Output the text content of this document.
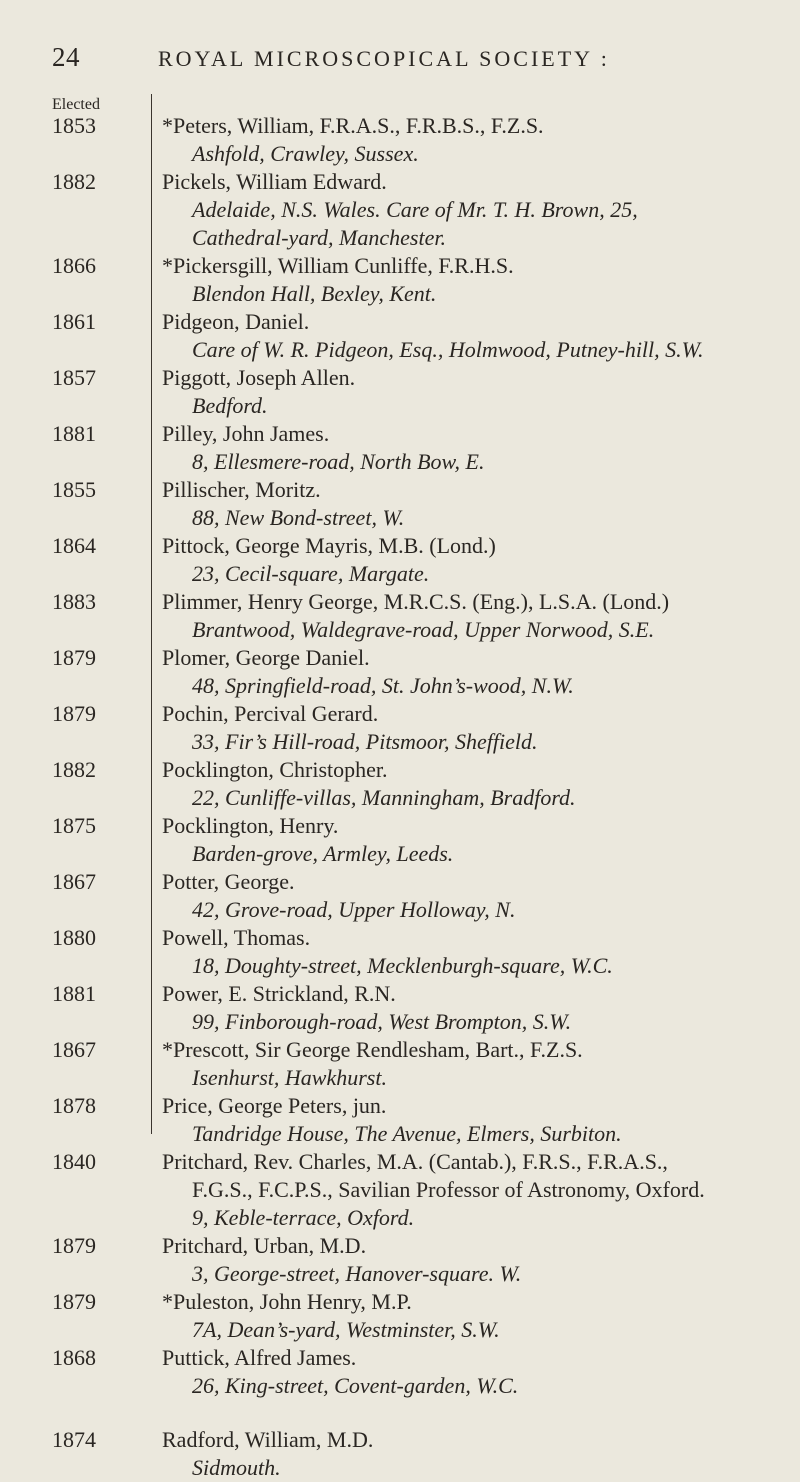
24	ROYAL MICROSCOPICAL SOCIETY :
Elected
1853	*Peters, William, F.R.A.S., F.R.B.S., F.Z.S.
Ashfold, Crawley, Sussex.
1882	Pickels, William Edward.
Adelaide, N.S. Wales. Care of Mr. T. H. Brown, 25,
Cathedral-yard, Manchester.
1866	*Pickersgill, William Cunliffe, F.R.H.S.
Blendon Hall, Bexley, Kent.
1861	Pidgeon, Daniel.
Care of W. R. Pidgeon, Esq., Holmwood, Putney-hill, S.W.
1857	Piggott, Joseph Allen.
Bedford.
1881	Pilley, John James.
8, Ellesmere-road, North Bow, E.
1855	Pillischer, Moritz.
88, New Bond-street, W.
1864	Pittock, George Mayris, M.B. (Lond.)
23, Cecil-square, Margate.
1883	Plimmer, Henry George, M.R.C.S. (Eng.), L.S.A. (Lond.)
Brantwood, Waldegrave-road, Upper Norwood, S.E.
1879	Plomer, George Daniel.
48, Springfield-road, St. John’s-wood, N.W.
1879	Pochin, Percival Gerard.
33, Fir’s Hill-road, Pitsmoor, Sheffield.
1882	Pocklington, Christopher.
22, Cunliffe-villas, Manningham, Bradford.
1875	Pocklington, Henry.
Barden-grove, Armley, Leeds.
1867	Potter, George.
42, Grove-road, Upper Holloway, N.
1880	Powell, Thomas.
18, Doughty-street, Mecklenburgh-square, W.C.
1881	Power, E. Strickland, R.N.
99, Finborough-road, West Brompton, S.W.
1867	*Prescott, Sir George Rendlesham, Bart., F.Z.S.
Isenhurst, Hawkhurst.
1878	Price, George Peters, jun.
Tandridge House, The Avenue, Elmers, Surbiton.
1840	Pritchard, Rev. Charles, M.A. (Cantab.), F.R.S., F.R.A.S.,
F.G.S., F.C.P.S., Savilian Professor of Astronomy, Oxford.
9, Keble-terrace, Oxford.
1879	Pritchard, Urban, M.D.
3, George-street, Hanover-square. W.
1879	*Puleston, John Henry, M.P.
7A, Dean’s-yard, Westminster, S.W.
1868	Puttick, Alfred James.
26, King-street, Covent-garden, W.C.
1874	Radford, William, M.D.
Sidmouth.
